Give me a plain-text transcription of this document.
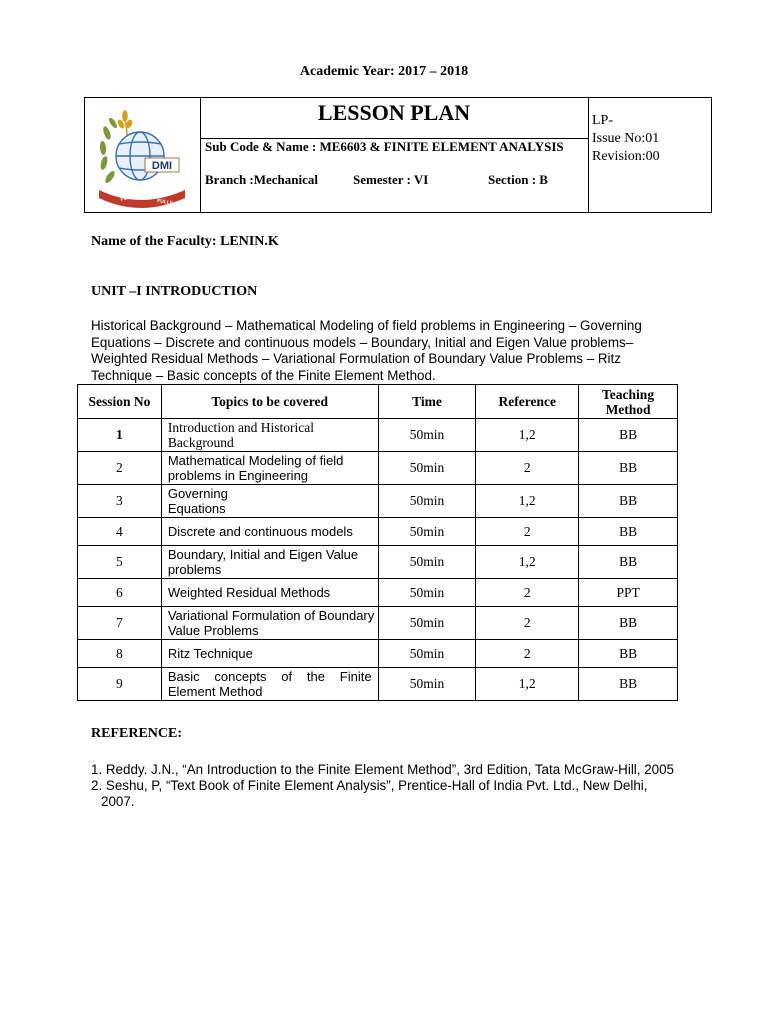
Academic Year: 2017 – 2018
DMI
FULLY HUMAN
FULLY ALIVE
LESSON PLAN
Sub Code & Name : ME6603 & FINITE ELEMENT ANALYSIS
Branch :Mechanical	Semester : VI	Section : B
LP-
Issue No:01
Revision:00
Name of the Faculty: LENIN.K
UNIT –I INTRODUCTION
Historical Background – Mathematical Modeling of field problems in Engineering – Governing Equations – Discrete and continuous models – Boundary, Initial and Eigen Value problems– Weighted Residual Methods – Variational Formulation of Boundary Value Problems – Ritz Technique – Basic concepts of the Finite Element Method.
Session No	Topics to be covered	Time	Reference	Teaching Method
1	Introduction and Historical Background	50min	1,2	BB
2	Mathematical Modeling of field problems in Engineering	50min	2	BB
3	Governing Equations	50min	1,2	BB
4	Discrete and continuous models	50min	2	BB
5	Boundary, Initial and Eigen Value problems	50min	1,2	BB
6	Weighted Residual Methods	50min	2	PPT
7	Variational Formulation of Boundary Value Problems	50min	2	BB
8	Ritz Technique	50min	2	BB
9	Basic concepts of the Finite Element Method	50min	1,2	BB
REFERENCE:
1. Reddy. J.N., “An Introduction to the Finite Element Method”, 3rd Edition, Tata McGraw-Hill, 2005
2. Seshu, P, “Text Book of Finite Element Analysis”, Prentice-Hall of India Pvt. Ltd., New Delhi, 2007.
